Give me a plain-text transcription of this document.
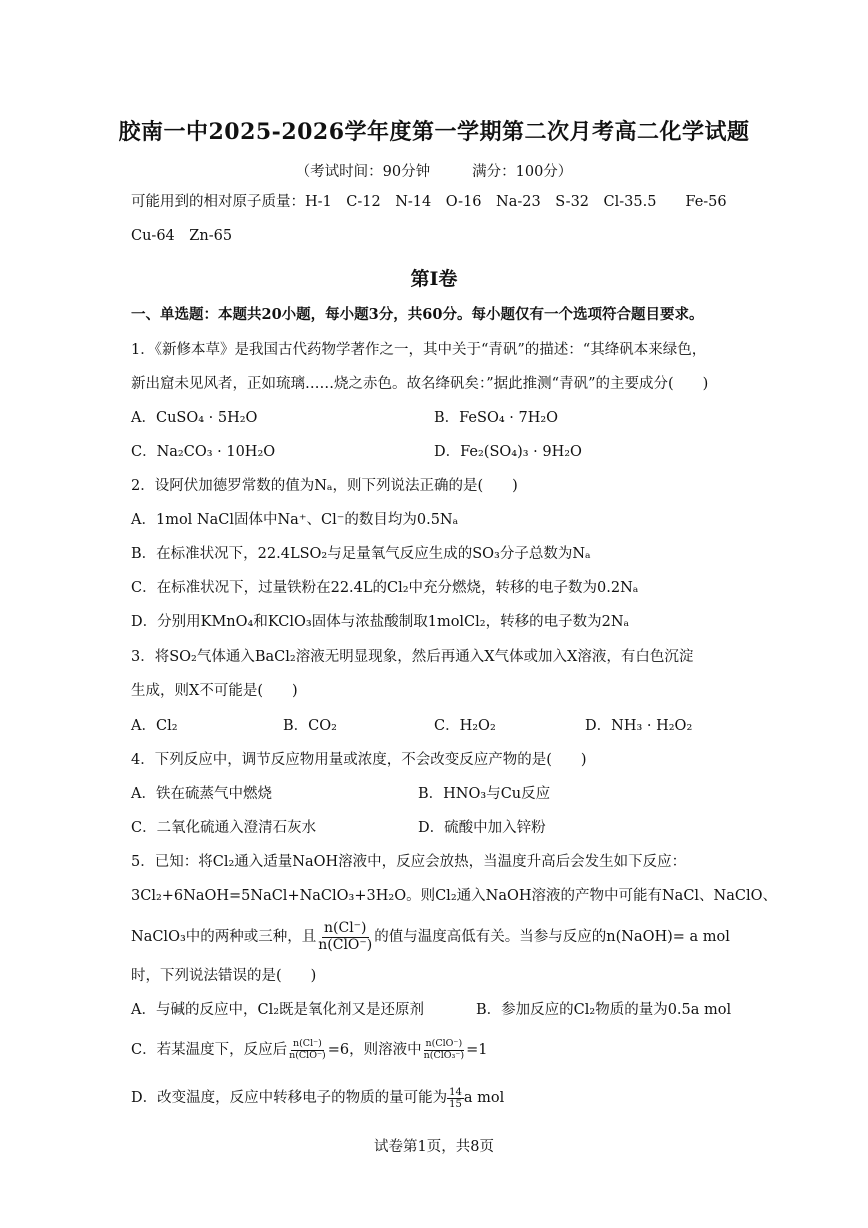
胶南一中2025-2026学年度第一学期第二次月考高二化学试题
（考试时间：90分钟	满分：100分）
可能用到的相对原子质量：H-1　C-12　N-14　O-16　Na-23　S-32　Cl-35.5　　Fe-56
Cu-64　Zn-65
第Ⅰ卷
一、单选题：本题共20小题，每小题3分，共60分。每小题仅有一个选项符合题目要求。
1．《新修本草》是我国古代药物学著作之一，其中关于“青矾”的描述：“其绛矾本来绿色，
新出窟未见风者，正如琉璃……烧之赤色。故名绛矾矣：”据此推测“青矾”的主要成分(　　)
A．CuSO₄ · 5H₂O	B．FeSO₄ · 7H₂O
C．Na₂CO₃ · 10H₂O	D．Fe₂(SO₄)₃ · 9H₂O
2．设阿伏加德罗常数的值为Nₐ，则下列说法正确的是(　　)
A．1mol NaCl固体中Na⁺、Cl⁻的数目均为0.5Nₐ
B．在标准状况下，22.4LSO₂与足量氧气反应生成的SO₃分子总数为Nₐ
C．在标准状况下，过量铁粉在22.4L的Cl₂中充分燃烧，转移的电子数为0.2Nₐ
D．分别用KMnO₄和KClO₃固体与浓盐酸制取1molCl₂，转移的电子数为2Nₐ
3．将SO₂气体通入BaCl₂溶液无明显现象，然后再通入X气体或加入X溶液，有白色沉淀
生成，则X不可能是(　　)
A．Cl₂	B．CO₂	C．H₂O₂	D．NH₃ · H₂O₂
4．下列反应中，调节反应物用量或浓度，不会改变反应产物的是(　　)
A．铁在硫蒸气中燃烧	B．HNO₃与Cu反应
C．二氧化硫通入澄清石灰水	D．硫酸中加入锌粉
5．已知：将Cl₂通入适量NaOH溶液中，反应会放热，当温度升高后会发生如下反应：
3Cl₂+6NaOH=5NaCl+NaClO₃+3H₂O。则Cl₂通入NaOH溶液的产物中可能有NaCl、NaClO、
NaClO₃中的两种或三种，且 $\frac{n(Cl^-)}{\text{n(ClO⁻)}}$ 的值与温度高低有关。当参与反应的n(NaOH)= a mol
时，下列说法错误的是(　　)
A．与碱的反应中，Cl₂既是氧化剂又是还原剂	B．参加反应的Cl₂物质的量为0.5a mol
C．若某温度下，反应后 $\frac{n(Cl^-)}{\text{n(ClO⁻)}} =6$，则溶液中 $\frac{\text{n(ClO⁻)}}{\text{n(ClO₃⁻)}} =1$
D．改变温度，反应中转移电子的物质的量可能为 $\frac{14}{15}$ a mol
试卷第1页，共8页
